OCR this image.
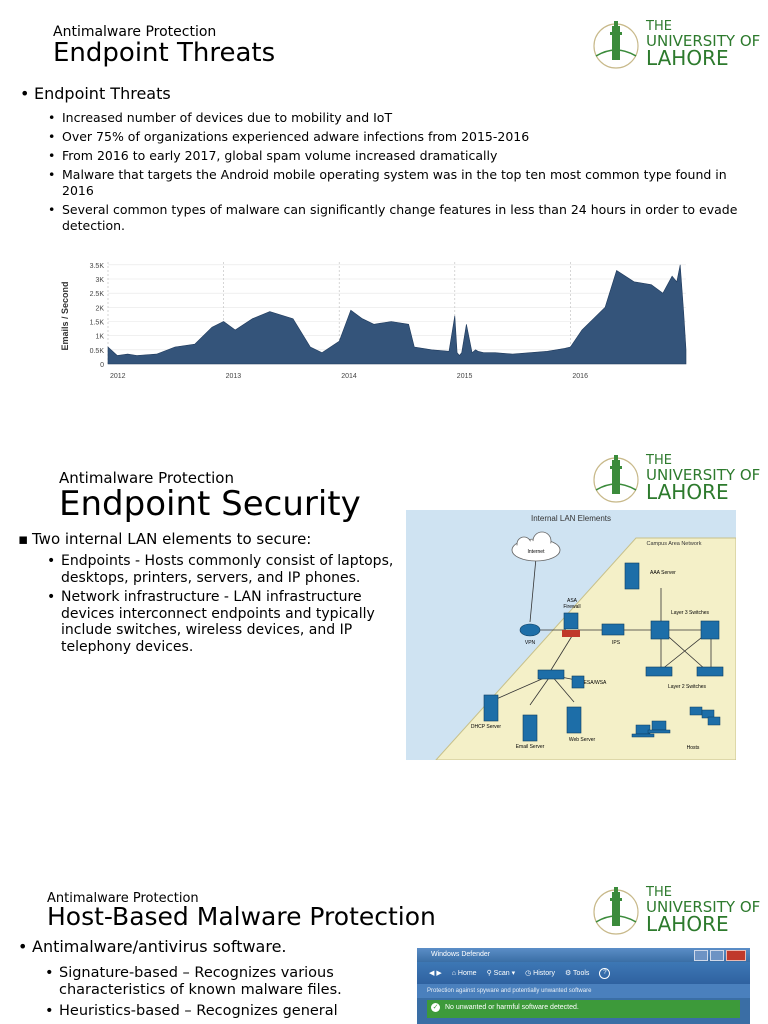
Antimalware Protection
Endpoint Threats
THE
UNIVERSITY OF
LAHORE
• Endpoint Threats
• Increased number of devices due to mobility and IoT
• Over 75% of organizations experienced adware infections from 2015-2016
• From 2016 to early 2017, global spam volume increased dramatically
• Malware that targets the Android mobile operating system was in the top ten most common type found in 2016
• Several common types of malware can significantly change features in less than 24 hours in order to evade detection.
0
0.5K
1K
1.5K
2K
2.5K
3K
3.5K
2012	2013	2014	2015	2016
Emails / Second
Antimalware Protection
Endpoint Security
THE
UNIVERSITY OF
LAHORE
▪ Two internal LAN elements to secure:
• Endpoints - Hosts commonly consist of laptops, desktops, printers, servers, and IP phones.
• Network infrastructure - LAN infrastructure devices interconnect endpoints and typically include switches, wireless devices, and IP telephony devices.
Internal LAN Elements
Campus Area Network
Internet
VPN
ASA
Firewall
IPS
AAA Server
Layer 3 Switches
Layer 2 Switches
ESA/WSA
DHCP Server
Email Server
Web Server
Hosts
Antimalware Protection
Host-Based Malware Protection
THE
UNIVERSITY OF
LAHORE
• Antimalware/antivirus software.
• Signature-based – Recognizes various characteristics of known malware files.
• Heuristics-based – Recognizes general
Windows Defender
◀ ▶ ⌂ Home ⚲ Scan ▾ ◷ History ⚙ Tools ?
Protection against spyware and potentially unwanted software
✓ No unwanted or harmful software detected.
